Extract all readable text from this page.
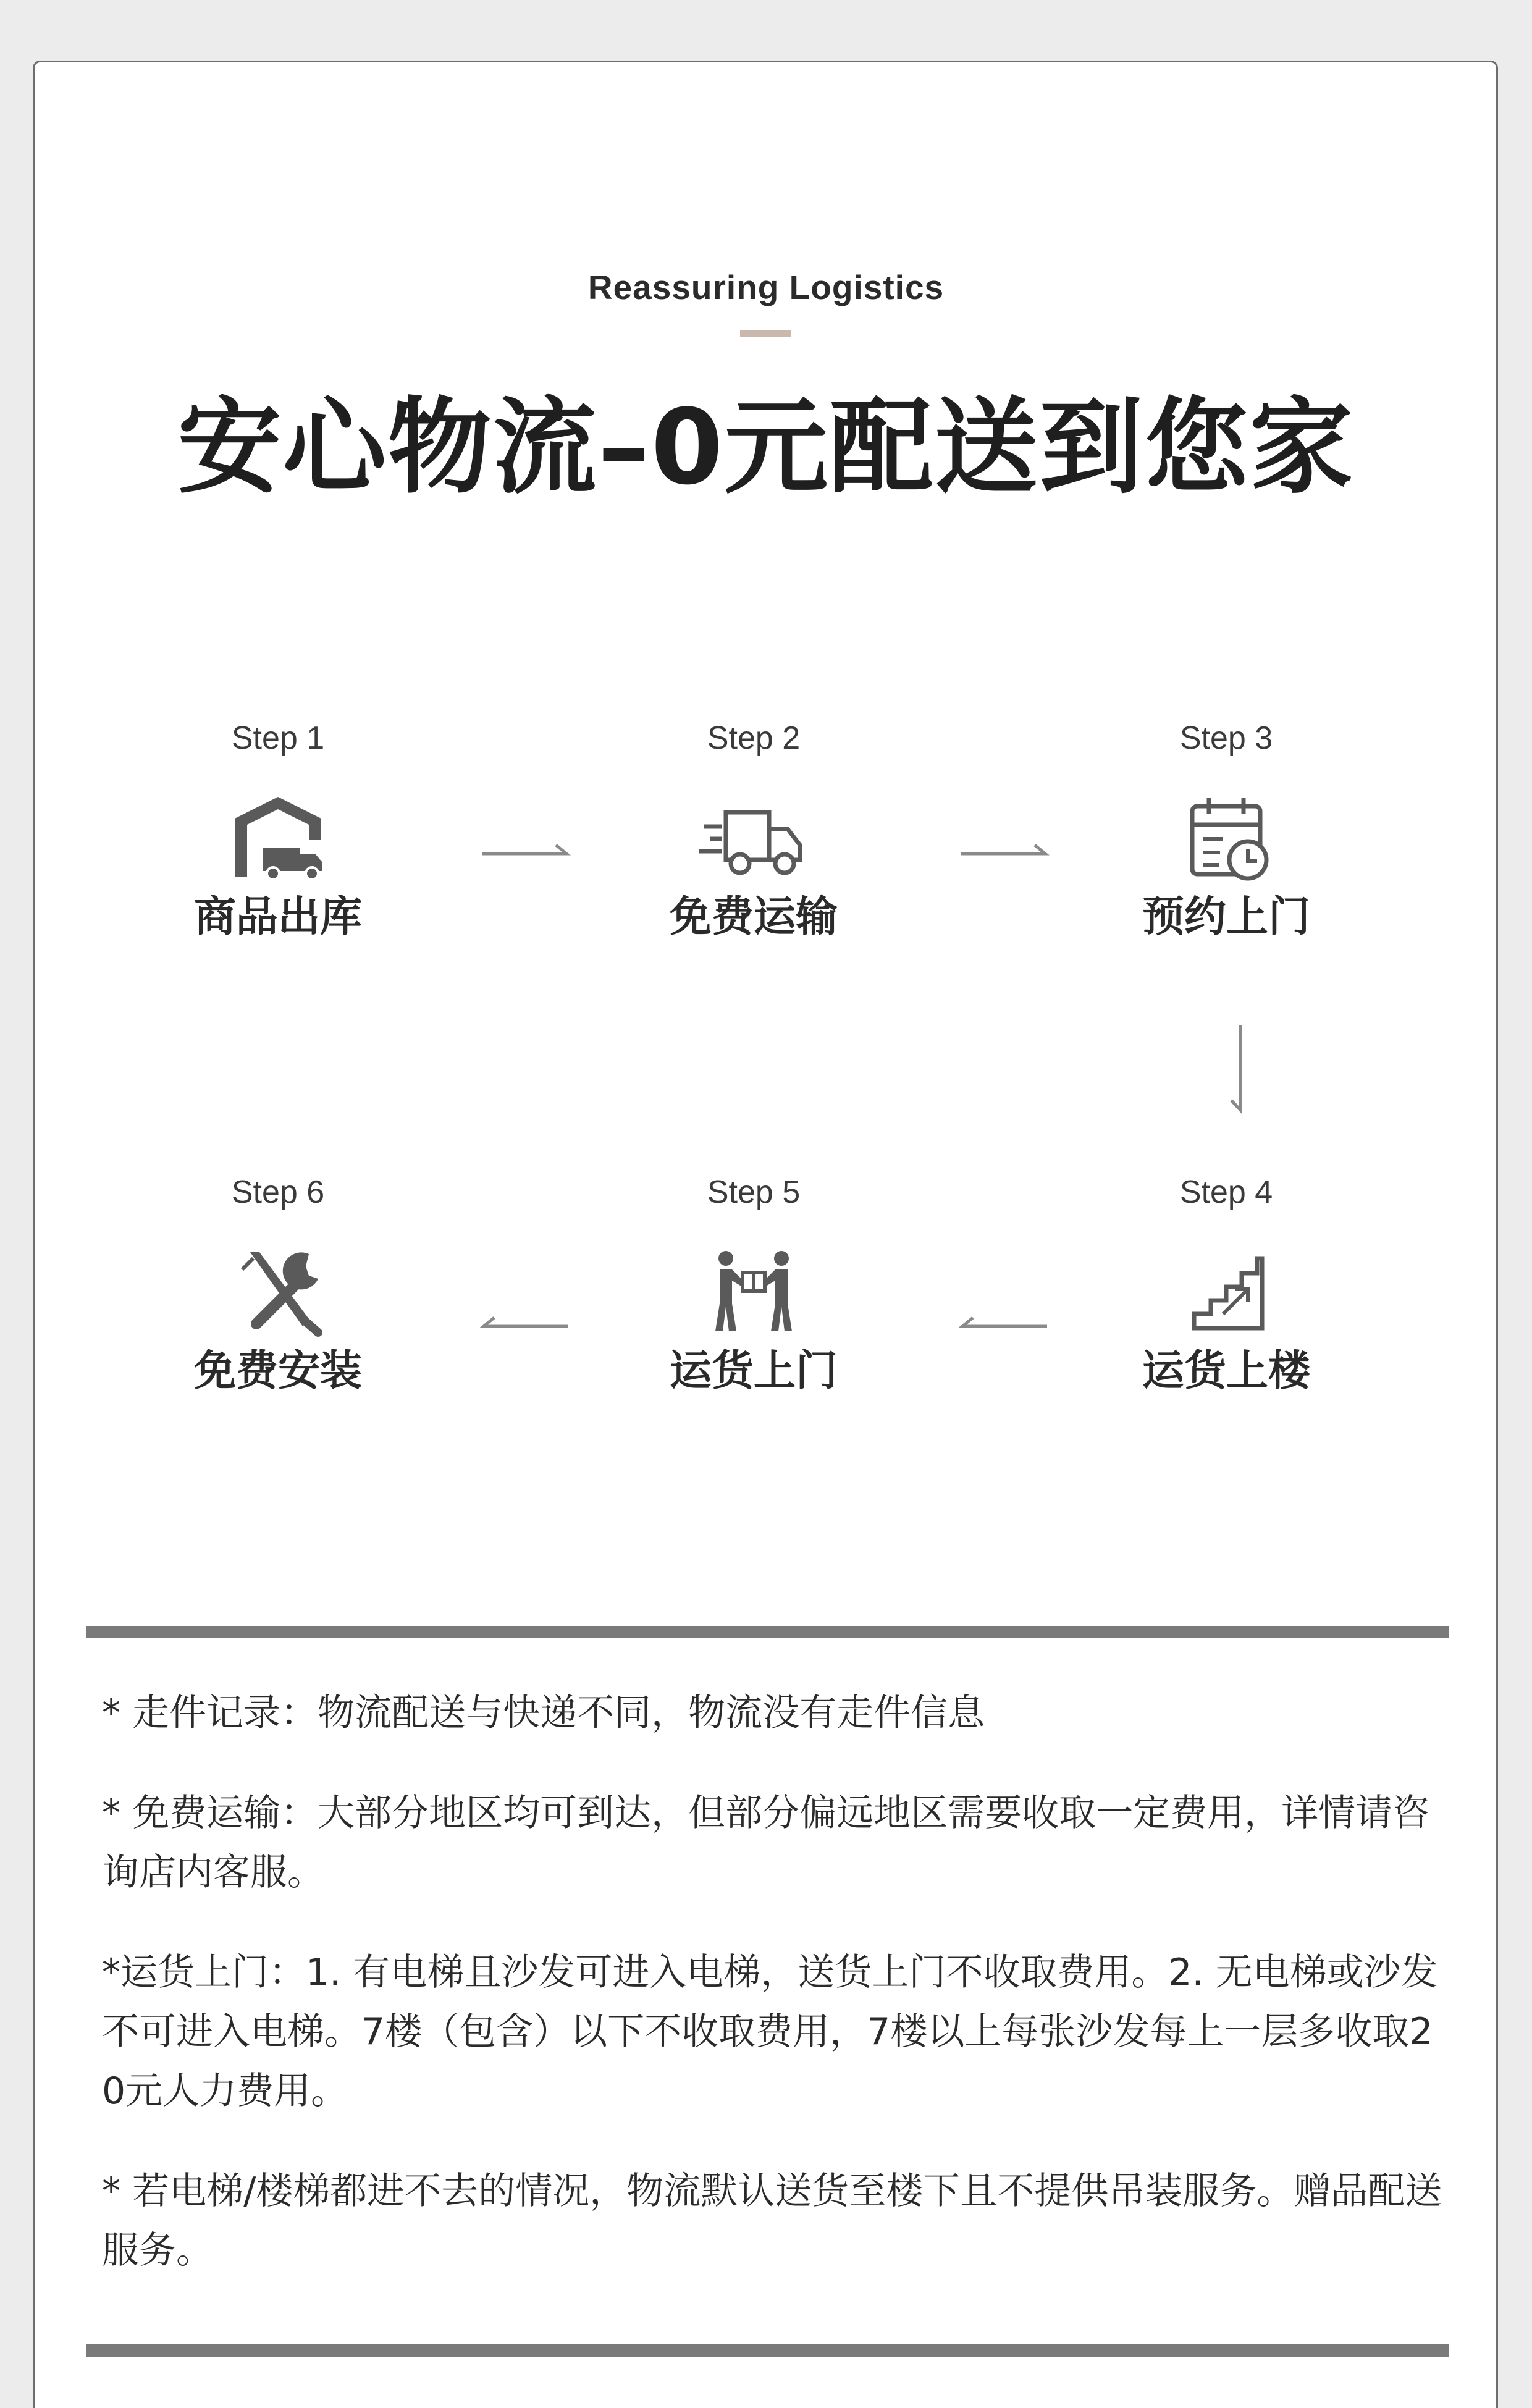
Reassuring Logistics
安心物流–0元配送到您家
Step 1
商品出库
Step 2
免费运输
Step 3
预约上门
Step 6
免费安装
Step 5
运货上门
Step 4
运货上楼

* 走件记录：物流配送与快递不同，物流没有走件信息

* 免费运输：大部分地区均可到达，但部分偏远地区需要收取一定费用，详情请咨询店内客服。

*运货上门：1. 有电梯且沙发可进入电梯，送货上门不收取费用。2. 无电梯或沙发不可进入电梯。7楼（包含）以下不收取费用，7楼以上每张沙发每上一层多收取20元人力费用。

* 若电梯/楼梯都进不去的情况，物流默认送货至楼下且不提供吊装服务。赠品配送服务。
